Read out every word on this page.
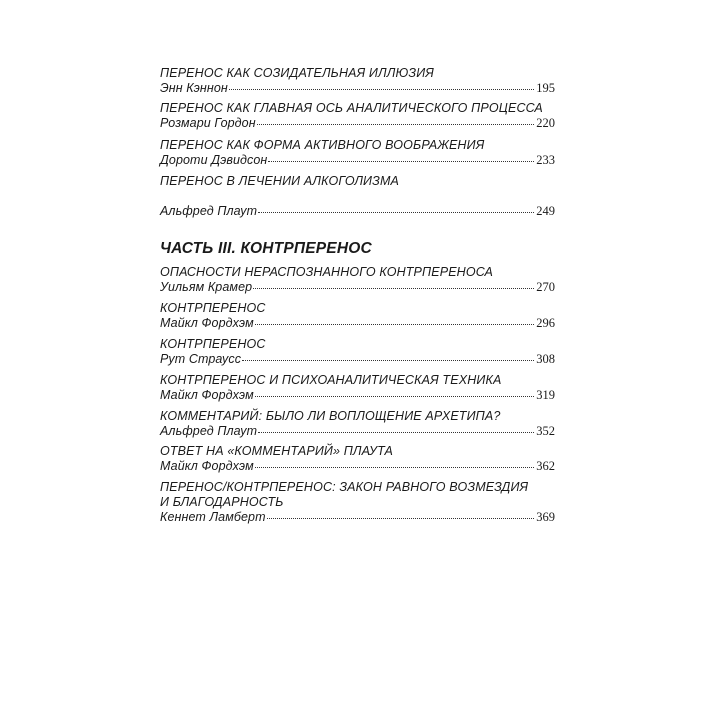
ПЕРЕНОС КАК СОЗИДАТЕЛЬНАЯ ИЛЛЮЗИЯ
Энн Кэннон	195
ПЕРЕНОС КАК ГЛАВНАЯ ОСЬ АНАЛИТИЧЕСКОГО ПРОЦЕССА
Розмари Гордон	220
ПЕРЕНОС КАК ФОРМА АКТИВНОГО ВООБРАЖЕНИЯ
Дороти Дэвидсон	233
ПЕРЕНОС В ЛЕЧЕНИИ АЛКОГОЛИЗМА
Альфред Плаут	249
ЧАСТЬ III. КОНТРПЕРЕНОС
ОПАСНОСТИ НЕРАСПОЗНАННОГО КОНТРПЕРЕНОСА
Уильям Крамер	270
КОНТРПЕРЕНОС
Майкл Фордхэм	296
КОНТРПЕРЕНОС
Рут Страусс	308
КОНТРПЕРЕНОС И ПСИХОАНАЛИТИЧЕСКАЯ ТЕХНИКА
Майкл Фордхэм	319
КОММЕНТАРИЙ: БЫЛО ЛИ ВОПЛОЩЕНИЕ АРХЕТИПА?
Альфред Плаут	352
ОТВЕТ НА «КОММЕНТАРИЙ» ПЛАУТА
Майкл Фордхэм	362
ПЕРЕНОС/КОНТРПЕРЕНОС: ЗАКОН РАВНОГО ВОЗМЕЗДИЯ И БЛАГОДАРНОСТЬ
Кеннет Ламберт	369
